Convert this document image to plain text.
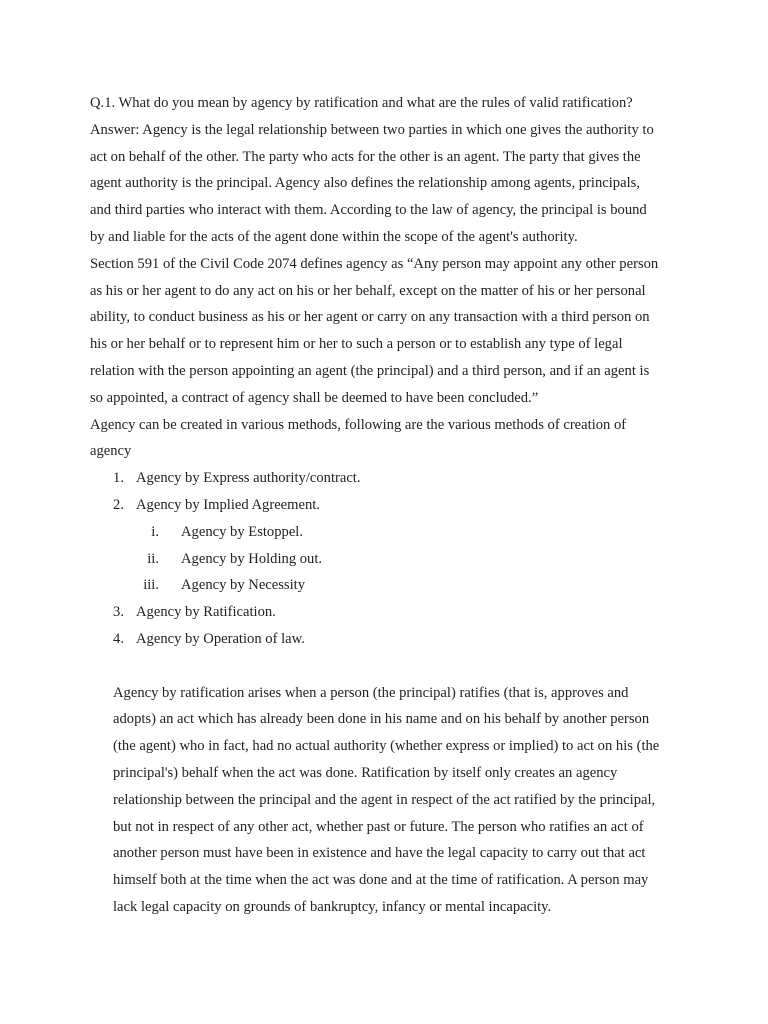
Q.1. What do you mean by agency by ratification and what are the rules of valid ratification?
Answer: Agency is the legal relationship between two parties in which one gives the authority to
act on behalf of the other. The party who acts for the other is an agent. The party that gives the
agent authority is the principal. Agency also defines the relationship among agents, principals,
and third parties who interact with them. According to the law of agency, the principal is bound
by and liable for the acts of the agent done within the scope of the agent's authority.
Section 591 of the Civil Code 2074 defines agency as “Any person may appoint any other person
as his or her agent to do any act on his or her behalf, except on the matter of his or her personal
ability, to conduct business as his or her agent or carry on any transaction with a third person on
his or her behalf or to represent him or her to such a person or to establish any type of legal
relation with the person appointing an agent (the principal) and a third person, and if an agent is
so appointed, a contract of agency shall be deemed to have been concluded.”
Agency can be created in various methods, following are the various methods of creation of
agency
1. Agency by Express authority/contract.
2. Agency by Implied Agreement.
i. Agency by Estoppel.
ii. Agency by Holding out.
iii. Agency by Necessity
3. Agency by Ratification.
4. Agency by Operation of law.
Agency by ratification arises when a person (the principal) ratifies (that is, approves and
adopts) an act which has already been done in his name and on his behalf by another person
(the agent) who in fact, had no actual authority (whether express or implied) to act on his (the
principal's) behalf when the act was done. Ratification by itself only creates an agency
relationship between the principal and the agent in respect of the act ratified by the principal,
but not in respect of any other act, whether past or future. The person who ratifies an act of
another person must have been in existence and have the legal capacity to carry out that act
himself both at the time when the act was done and at the time of ratification. A person may
lack legal capacity on grounds of bankruptcy, infancy or mental incapacity.
